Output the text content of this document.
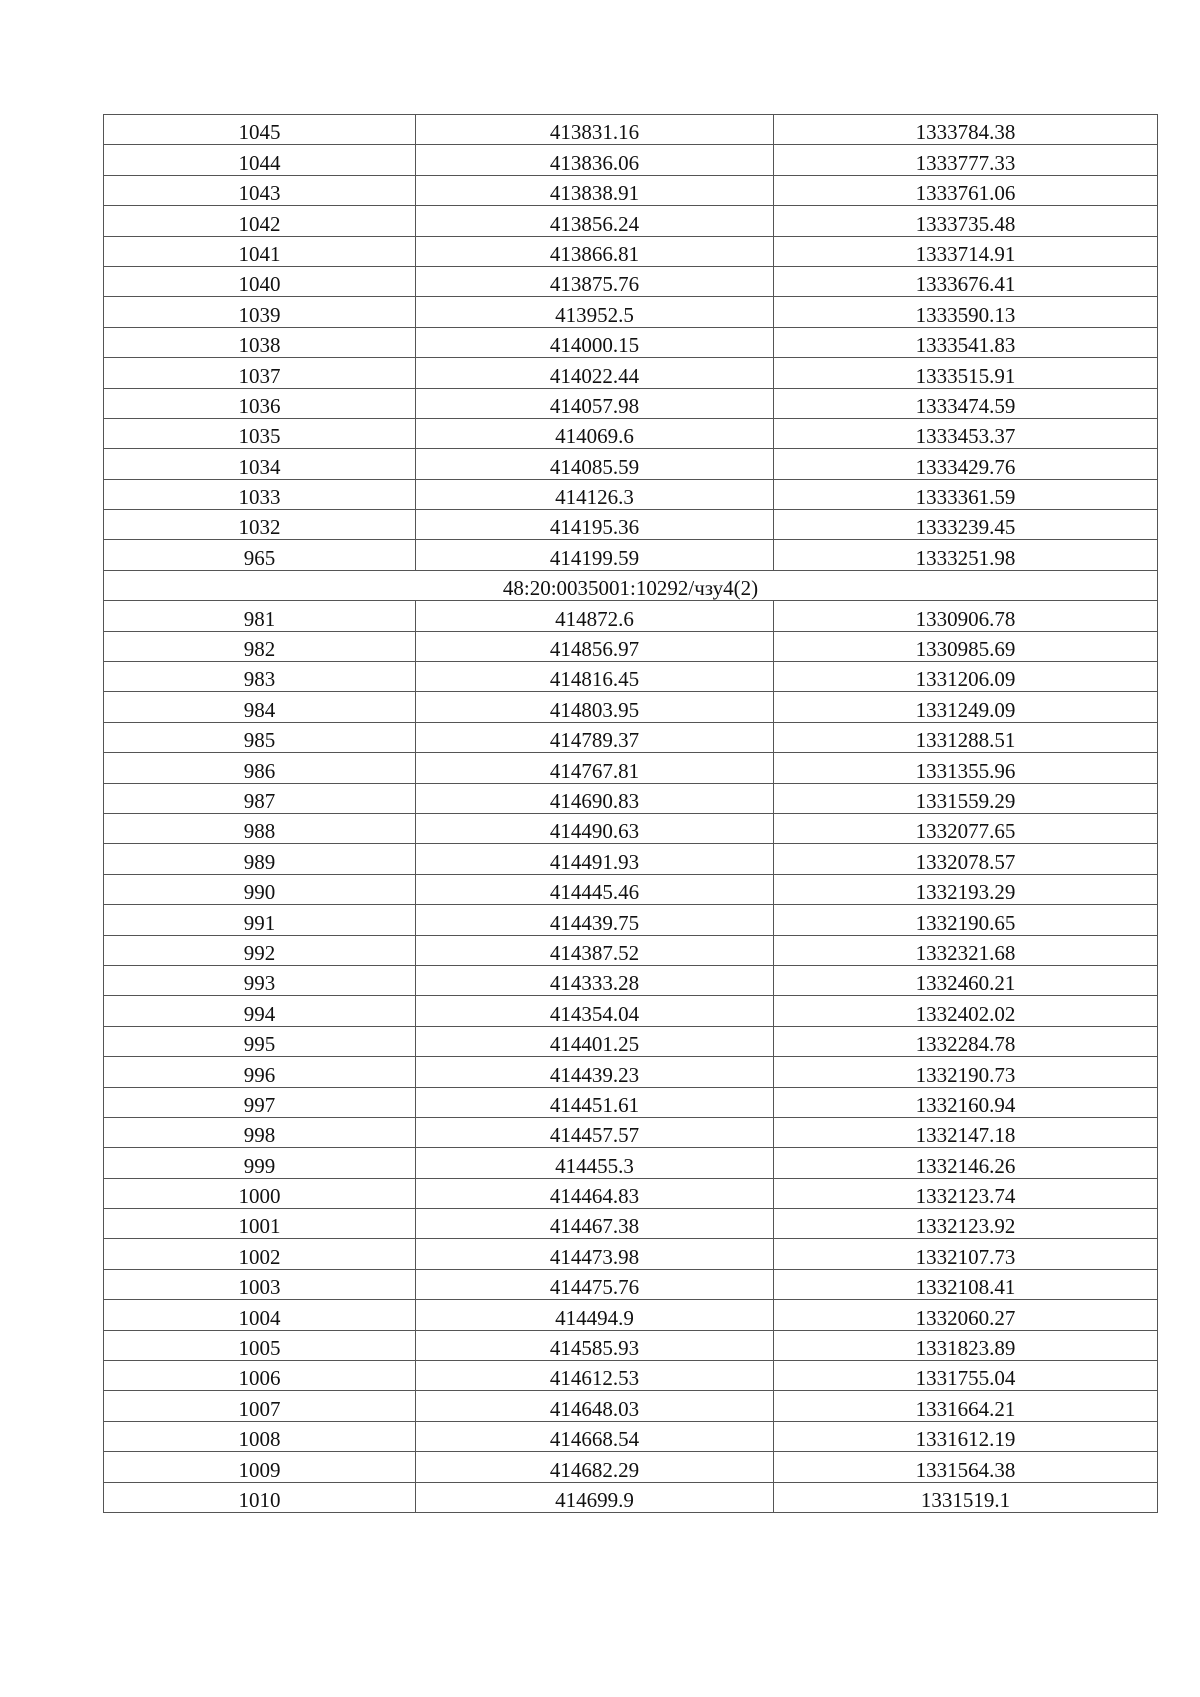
1045	413831.16	1333784.38
1044	413836.06	1333777.33
1043	413838.91	1333761.06
1042	413856.24	1333735.48
1041	413866.81	1333714.91
1040	413875.76	1333676.41
1039	413952.5	1333590.13
1038	414000.15	1333541.83
1037	414022.44	1333515.91
1036	414057.98	1333474.59
1035	414069.6	1333453.37
1034	414085.59	1333429.76
1033	414126.3	1333361.59
1032	414195.36	1333239.45
965	414199.59	1333251.98
48:20:0035001:10292/чзу4(2)		
981	414872.6	1330906.78
982	414856.97	1330985.69
983	414816.45	1331206.09
984	414803.95	1331249.09
985	414789.37	1331288.51
986	414767.81	1331355.96
987	414690.83	1331559.29
988	414490.63	1332077.65
989	414491.93	1332078.57
990	414445.46	1332193.29
991	414439.75	1332190.65
992	414387.52	1332321.68
993	414333.28	1332460.21
994	414354.04	1332402.02
995	414401.25	1332284.78
996	414439.23	1332190.73
997	414451.61	1332160.94
998	414457.57	1332147.18
999	414455.3	1332146.26
1000	414464.83	1332123.74
1001	414467.38	1332123.92
1002	414473.98	1332107.73
1003	414475.76	1332108.41
1004	414494.9	1332060.27
1005	414585.93	1331823.89
1006	414612.53	1331755.04
1007	414648.03	1331664.21
1008	414668.54	1331612.19
1009	414682.29	1331564.38
1010	414699.9	1331519.1
